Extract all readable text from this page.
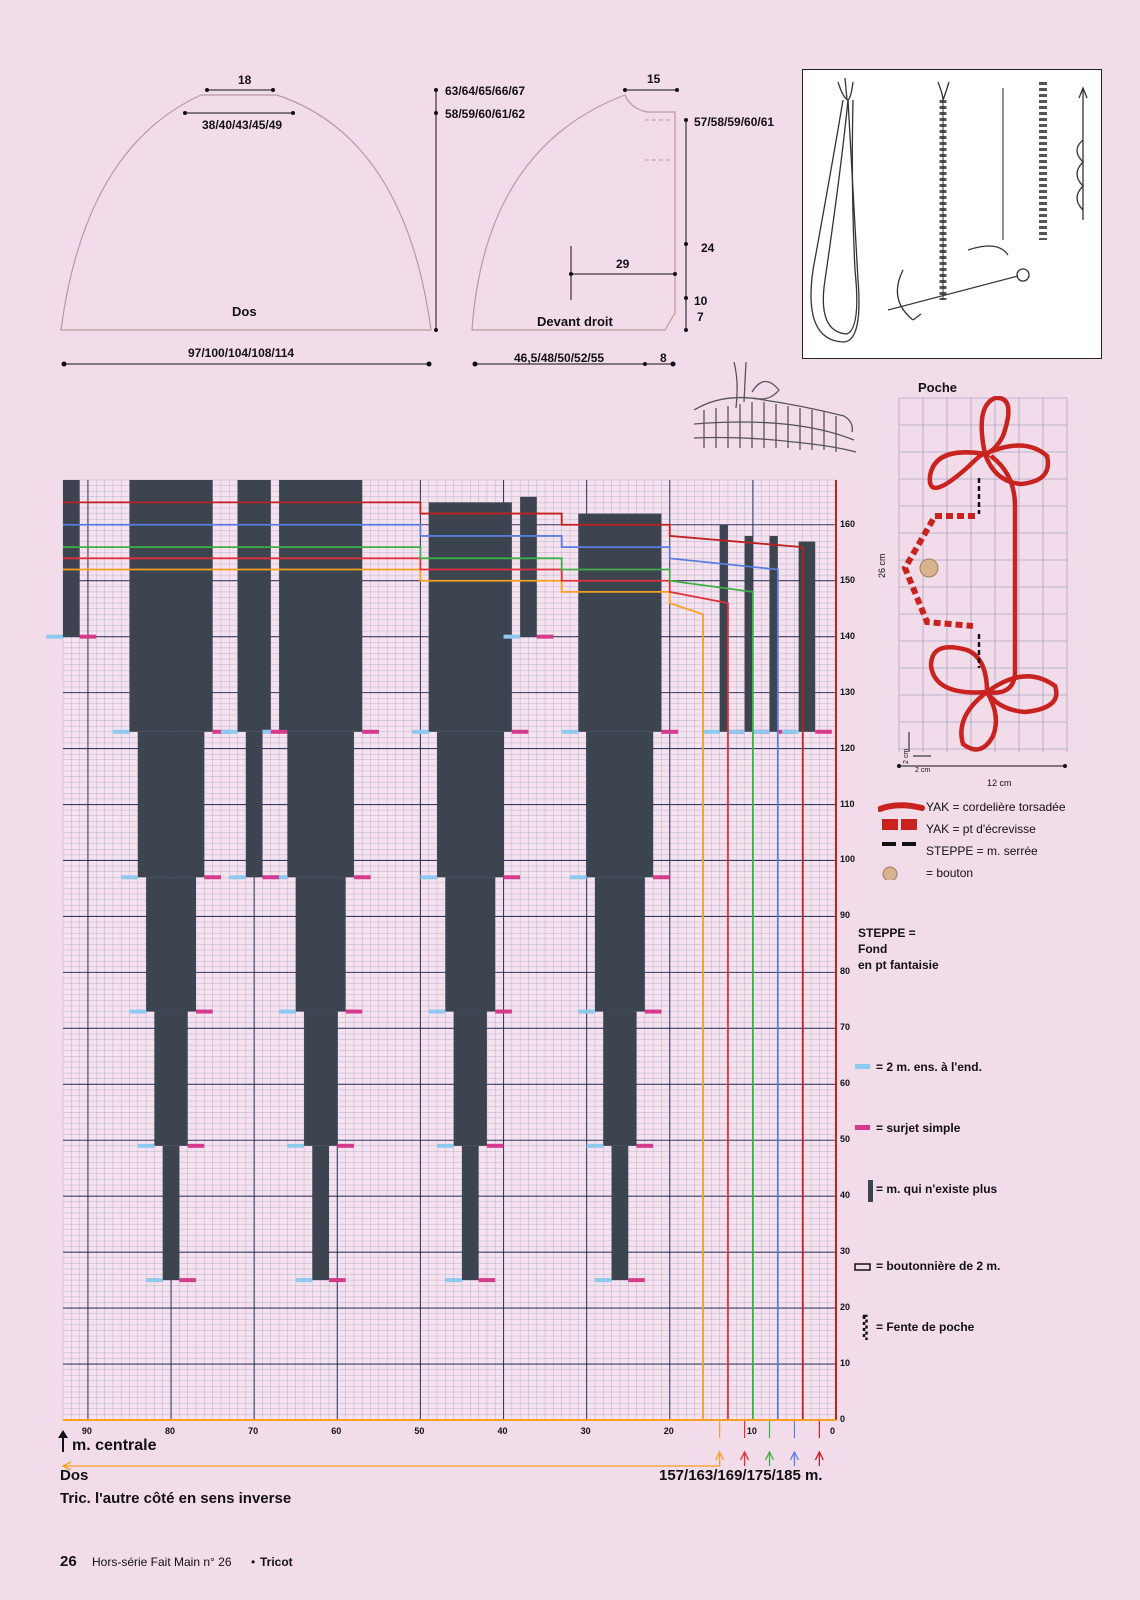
18
38/40/43/45/49
Dos
97/100/104/108/114
63/64/65/66/67
58/59/60/61/62
15
57/58/59/60/61
29
24
10
7
Devant droit
46,5/48/50/52/55	8
Poche
26 cm
2 cm
2 cm
12 cm
YAK = cordelière torsadée
YAK = pt d'écrevisse
STEPPE = m. serrée
= bouton
90	80	70	60	50	40	30	20	10	0
0
10
20
30
40
50
60
70
80
90
100
110
120
130
140
150
160
STEPPE =
Fond
en pt fantaisie
= 2 m. ens. à l'end.
= surjet simple
= m. qui n'existe plus
= boutonnière de 2 m.
= Fente de poche
m. centrale
Dos
Tric. l'autre côté en sens inverse
157/163/169/175/185 m.
26 Hors-série Fait Main n° 26 • Tricot
